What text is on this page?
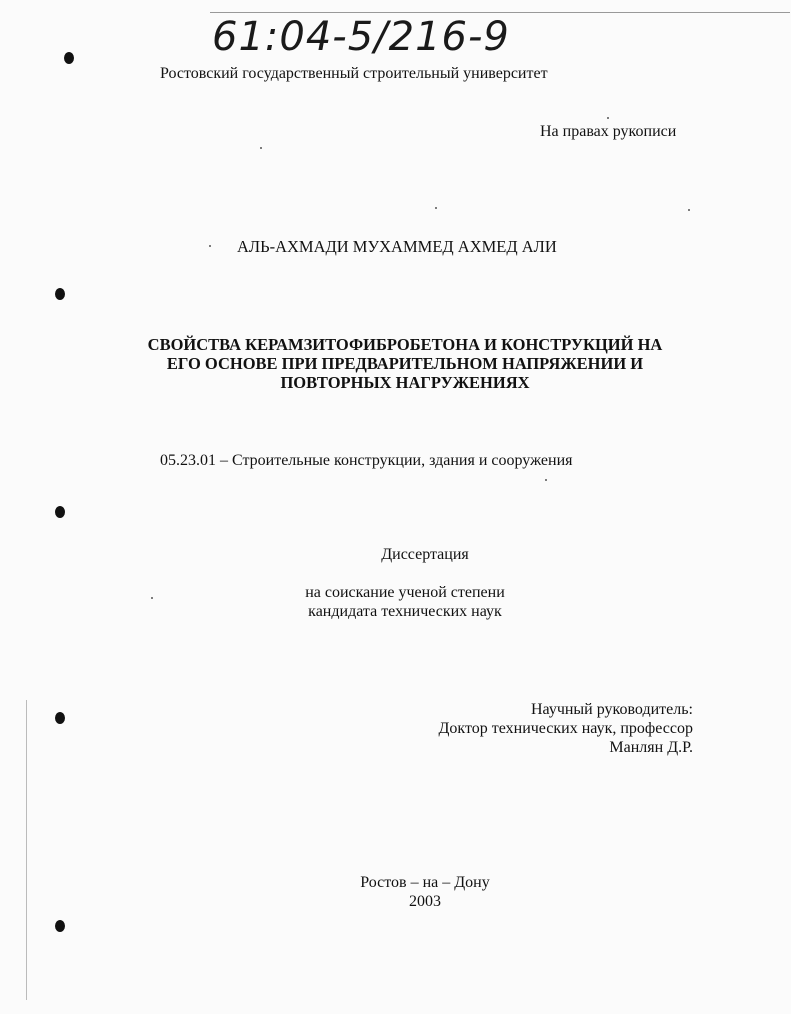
61:04-5/216-9
Ростовский государственный строительный университет
На правах рукописи
АЛЬ-АХМАДИ МУХАММЕД АХМЕД АЛИ
СВОЙСТВА КЕРАМЗИТОФИБРОБЕТОНА И КОНСТРУКЦИЙ НА
ЕГО ОСНОВЕ ПРИ ПРЕДВАРИТЕЛЬНОМ НАПРЯЖЕНИИ И
ПОВТОРНЫХ НАГРУЖЕНИЯХ
05.23.01 – Строительные конструкции, здания и сооружения
Диссертация
на соискание ученой степени
кандидата технических наук
Научный руководитель:
Доктор технических наук, профессор
Манлян Д.Р.
Ростов – на – Дону
2003
